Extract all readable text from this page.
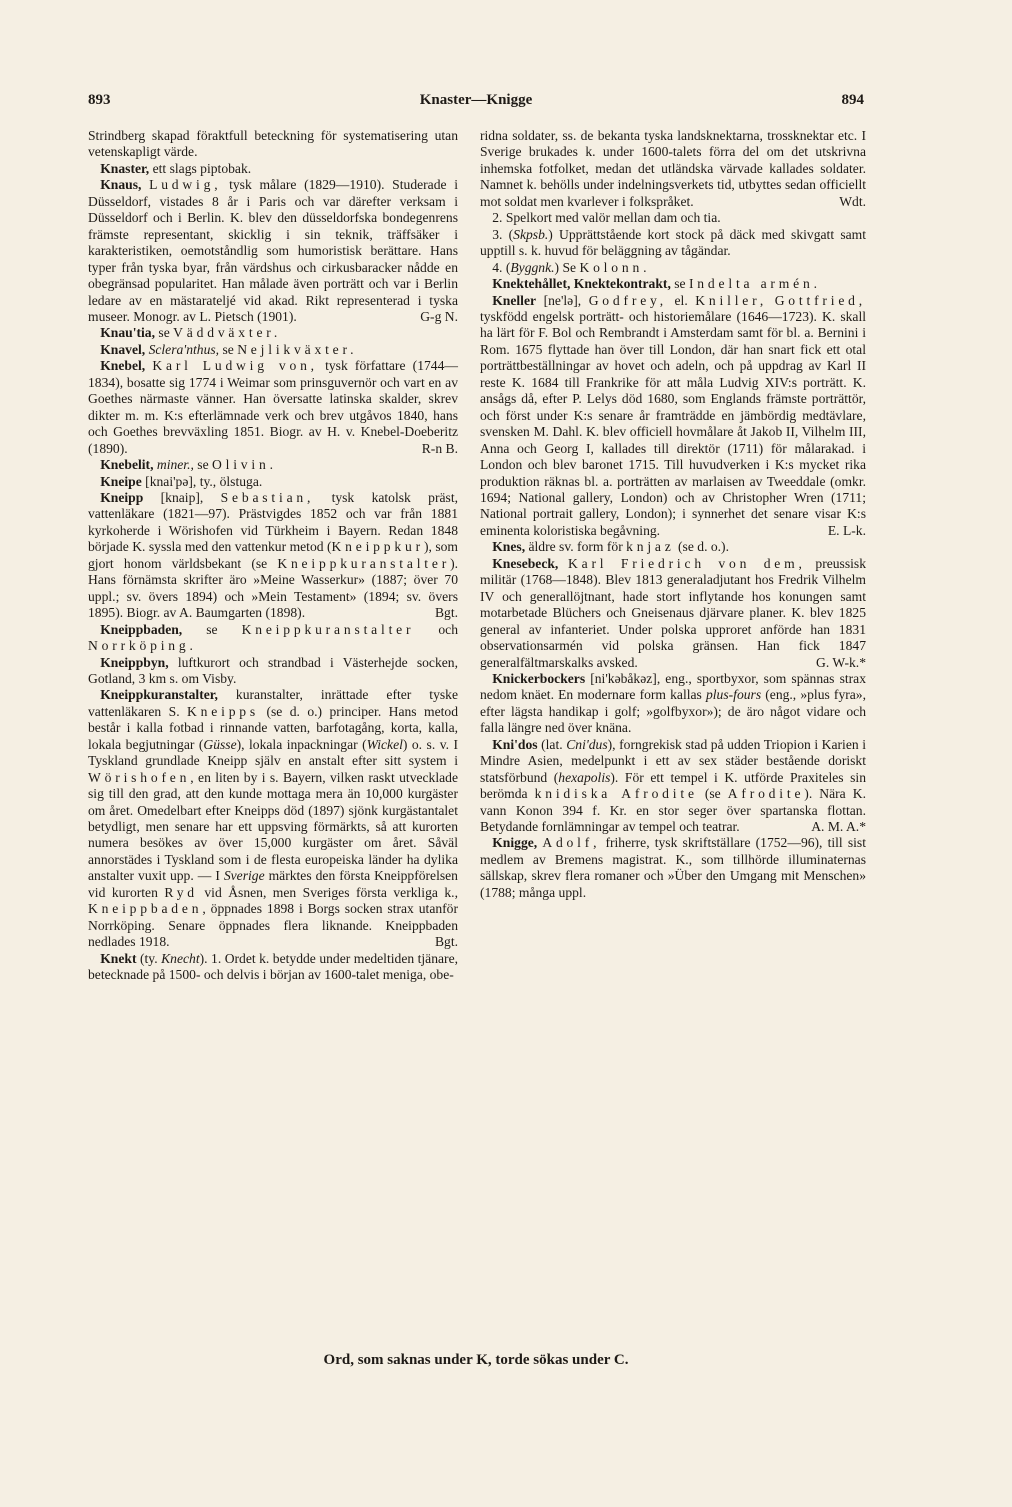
893	Knaster—Knigge	894

Strindberg skapad föraktfull beteckning för systematisering utan vetenskapligt värde.

Knaster, ett slags piptobak.

Knaus, Ludwig, tysk målare (1829—1910). Studerade i Düsseldorf, vistades 8 år i Paris och var därefter verksam i Düsseldorf och i Berlin. K. blev den düsseldorfska bondegenrens främste representant, skicklig i sin teknik, träffsäker i karakteristiken, oemotståndlig som humoristisk berättare. Hans typer från tyska byar, från värdshus och cirkusbaracker nådde en obegränsad popularitet. Han målade även porträtt och var i Berlin ledare av en mästarateljé vid akad. Rikt representerad i tyska museer. Monogr. av L. Pietsch (1901).	G-g N.

Knau'tia, se Väddväxter.

Knavel, Sclera'nthus, se Nejlikväxter.

Knebel, Karl Ludwig von, tysk författare (1744—1834), bosatte sig 1774 i Weimar som prinsguvernör och vart en av Goethes närmaste vänner. Han översatte latinska skalder, skrev dikter m. m. K:s efterlämnade verk och brev utgåvos 1840, hans och Goethes brevväxling 1851. Biogr. av H. v. Knebel-Doeberitz (1890).	R-n B.

Knebelit, miner., se Olivin.

Kneipe [knai'pə], ty., ölstuga.

Kneipp [knaip], Sebastian, tysk katolsk präst, vattenläkare (1821—97). Prästvigdes 1852 och var från 1881 kyrkoherde i Wörishofen vid Türkheim i Bayern. Redan 1848 började K. syssla med den vattenkur metod (Kneippkur), som gjort honom världsbekant (se Kneippkuranstalter). Hans förnämsta skrifter äro »Meine Wasserkur» (1887; över 70 uppl.; sv. övers 1894) och »Mein Testament» (1894; sv. övers 1895). Biogr. av A. Baumgarten (1898).	Bgt.

Kneippbaden, se Kneippkuranstalter och Norrköping.

Kneippbyn, luftkurort och strandbad i Västerhejde socken, Gotland, 3 km s. om Visby.

Kneippkuranstalter, kuranstalter, inrättade efter tyske vattenläkaren S. Kneipps (se d. o.) principer. Hans metod består i kalla fotbad i rinnande vatten, barfotagång, korta, kalla, lokala begjutningar (Güsse), lokala inpackningar (Wickel) o. s. v. I Tyskland grundlade Kneipp själv en anstalt efter sitt system i Wörishofen, en liten by i s. Bayern, vilken raskt utvecklade sig till den grad, att den kunde mottaga mera än 10,000 kurgäster om året. Omedelbart efter Kneipps död (1897) sjönk kurgästantalet betydligt, men senare har ett uppsving förmärkts, så att kurorten numera besökes av över 15,000 kurgäster om året. Såväl annorstädes i Tyskland som i de flesta europeiska länder ha dylika anstalter vuxit upp. — I Sverige märktes den första Kneippförelsen vid kurorten Ryd vid Åsnen, men Sveriges första verkliga k., Kneippbaden, öppnades 1898 i Borgs socken strax utanför Norrköping. Senare öppnades flera liknande. Kneippbaden nedlades 1918.	Bgt.

Knekt (ty. Knecht). 1. Ordet k. betydde under medeltiden tjänare, betecknade på 1500- och delvis i början av 1600-talet meniga, obe-

ridna soldater, ss. de bekanta tyska landsknektarna, trossknektar etc. I Sverige brukades k. under 1600-talets förra del om det utskrivna inhemska fotfolket, medan det utländska värvade kallades soldater. Namnet k. behölls under indelningsverkets tid, utbyttes sedan officiellt mot soldat men kvarlever i folkspråket.	Wdt.

2. Spelkort med valör mellan dam och tia.

3. (Skpsb.) Upprättstående kort stock på däck med skivgatt samt upptill s. k. huvud för beläggning av tågändar.

4. (Byggnk.) Se Kolonn.

Knektehållet, Knektekontrakt, se Indelta armén.

Kneller [ne'lə], Godfrey, el. Kniller, Gottfried, tyskfödd engelsk porträtt- och historiemålare (1646—1723). K. skall ha lärt för F. Bol och Rembrandt i Amsterdam samt för bl. a. Bernini i Rom. 1675 flyttade han över till London, där han snart fick ett otal porträttbeställningar av hovet och adeln, och på uppdrag av Karl II reste K. 1684 till Frankrike för att måla Ludvig XIV:s porträtt. K. ansågs då, efter P. Lelys död 1680, som Englands främste porträttör, och först under K:s senare år framträdde en jämbördig medtävlare, svensken M. Dahl. K. blev officiell hovmålare åt Jakob II, Vilhelm III, Anna och Georg I, kallades till direktör (1711) för målarakad. i London och blev baronet 1715. Till huvudverken i K:s mycket rika produktion räknas bl. a. porträtten av marlaisen av Tweeddale (omkr. 1694; National gallery, London) och av Christopher Wren (1711; National portrait gallery, London); i synnerhet det senare visar K:s eminenta koloristiska begåvning.	E. L-k.

Knes, äldre sv. form för knjaz (se d. o.).

Knesebeck, Karl Friedrich von dem, preussisk militär (1768—1848). Blev 1813 generaladjutant hos Fredrik Vilhelm IV och generallöjtnant, hade stort inflytande hos konungen samt motarbetade Blüchers och Gneisenaus djärvare planer. K. blev 1825 general av infanteriet. Under polska upproret anförde han 1831 observationsarmén vid polska gränsen. Han fick 1847 generalfältmarskalks avsked.	G. W-k.*

Knickerbockers [ni'kəbåkəz], eng., sportbyxor, som spännas strax nedom knäet. En modernare form kallas plus-fours (eng., »plus fyra», efter lägsta handikap i golf; »golfbyxor»); de äro något vidare och falla längre ned över knäna.

Kni'dos (lat. Cni'dus), forngrekisk stad på udden Triopion i Karien i Mindre Asien, medelpunkt i ett av sex städer bestående doriskt statsförbund (hexapolis). För ett tempel i K. utförde Praxiteles sin berömda knidiska Afrodite (se Afrodite). Nära K. vann Konon 394 f. Kr. en stor seger över spartanska flottan. Betydande fornlämningar av tempel och teatrar.	A. M. A.*

Knigge, Adolf, friherre, tysk skriftställare (1752—96), till sist medlem av Bremens magistrat. K., som tillhörde illuminaternas sällskap, skrev flera romaner och »Über den Umgang mit Menschen» (1788; många uppl.

Ord, som saknas under K, torde sökas under C.
